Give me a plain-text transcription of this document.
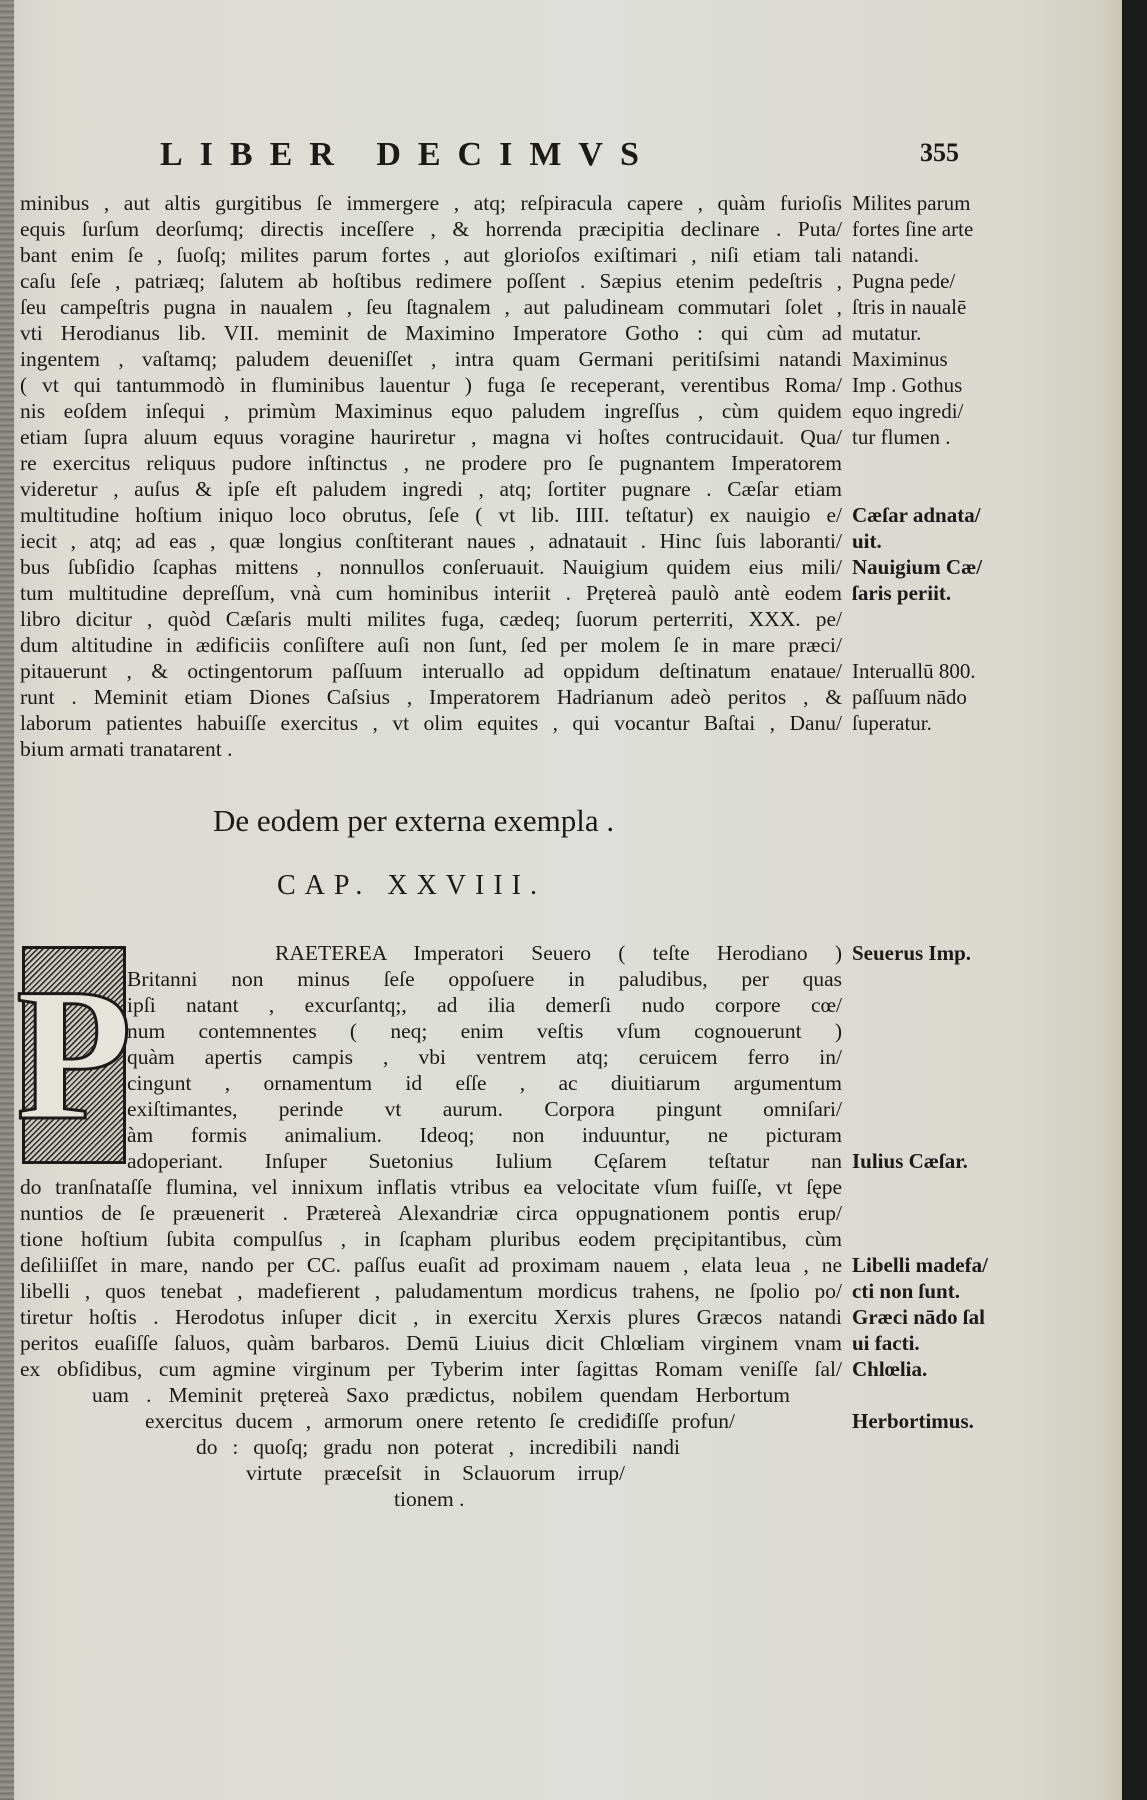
LIBER DECIMVS	355
minibus , aut altis gurgitibus ſe immergere , atq; reſpiracula capere , quàm furioſis
equis ſurſum deorſumq; directis inceſſere , & horrenda præcipitia declinare . Puta/
bant enim ſe , ſuoſq; milites parum fortes , aut glorioſos exiſtimari , niſi etiam tali
caſu ſeſe , patriæq; ſalutem ab hoſtibus redimere poſſent . Sæpius etenim pedeſtris ,
ſeu campeſtris pugna in naualem , ſeu ſtagnalem , aut paludineam commutari ſolet ,
vti Herodianus lib. VII. meminit de Maximino Imperatore Gotho : qui cùm ad
ingentem , vaſtamq; paludem deueniſſet , intra quam Germani peritiſsimi natandi
( vt qui tantummodò in fluminibus lauentur ) fuga ſe receperant, verentibus Roma/
nis eoſdem inſequi , primùm Maximinus equo paludem ingreſſus , cùm quidem
etiam ſupra aluum equus voragine hauriretur , magna vi hoſtes contrucidauit. Qua/
re exercitus reliquus pudore inſtinctus , ne prodere pro ſe pugnantem Imperatorem
videretur , auſus & ipſe eſt paludem ingredi , atq; ſortiter pugnare . Cæſar etiam
multitudine hoſtium iniquo loco obrutus, ſeſe ( vt lib. IIII. teſtatur) ex nauigio e/
iecit , atq; ad eas , quæ longius conſtiterant naues , adnatauit . Hinc ſuis laboranti/
bus ſubſidio ſcaphas mittens , nonnullos conſeruauit. Nauigium quidem eius mili/
tum multitudine depreſſum, vnà cum hominibus interiit . Prętereà paulò antè eodem
libro dicitur , quòd Cæſaris multi milites fuga, cædeq; ſuorum perterriti, XXX. pe/
dum altitudine in ædificiis conſiſtere auſi non ſunt, ſed per molem ſe in mare præci/
pitauerunt , & octingentorum paſſuum interuallo ad oppidum deſtinatum enataue/
runt . Meminit etiam Diones Caſsius , Imperatorem Hadrianum adeò peritos , &
laborum patientes habuiſſe exercitus , vt olim equites , qui vocantur Baſtai , Danu/
bium armati tranatarent .
Milites parum
fortes ſine arte
natandi.
Pugna pede/
ſtris in naualē
mutatur.
Maximinus
Imp . Gothus
equo ingredi/
tur flumen .
Cæſar adnata/
uit.
Nauigium Cæ/
ſaris periit.
Interuallū 800.
paſſuum nādo
ſuperatur.
De eodem per externa exempla .
CAP. XXVIII.
P	RAETEREA Imperatori Seuero ( teſte Herodiano )
Britanni non minus ſeſe oppoſuere in paludibus, per quas
ipſi natant , excurſantq;, ad ilia demerſi nudo corpore cœ/
num contemnentes ( neq; enim veſtis vſum cognouerunt )
quàm apertis campis , vbi ventrem atq; ceruicem ferro in/
cingunt , ornamentum id eſſe , ac diuitiarum argumentum
exiſtimantes, perinde vt aurum. Corpora pingunt omniſari/
àm formis animalium. Ideoq; non induuntur, ne picturam
adoperiant. Inſuper Suetonius Iulium Cęſarem teſtatur nan
do tranſnataſſe flumina, vel innixum inflatis vtribus ea velocitate vſum fuiſſe, vt ſępe
nuntios de ſe præuenerit . Prætereà Alexandriæ circa oppugnationem pontis erup/
tione hoſtium ſubita compulſus , in ſcapham pluribus eodem pręcipitantibus, cùm
deſiliiſſet in mare, nando per CC. paſſus euaſit ad proximam nauem , elata leua , ne
libelli , quos tenebat , madefierent , paludamentum mordicus trahens, ne ſpolio po/
tiretur hoſtis . Herodotus inſuper dicit , in exercitu Xerxis plures Græcos natandi
peritos euaſiſſe ſaluos, quàm barbaros. Demū Liuius dicit Chlœliam virginem vnam
ex obſidibus, cum agmine virginum per Tyberim inter ſagittas Romam veniſſe ſal/
uam . Meminit prętereà Saxo prædictus, nobilem quendam Herbortum
exercitus ducem , armorum onere retento ſe crediđiſſe profun/
do : quoſq; gradu non poterat , incredibili nandi
virtute præceſsit in Sclauorum irrup/
tionem .
Seuerus Imp.
Iulius Cæſar.
Libelli madefa/
cti non ſunt.
Græci nādo ſal
ui facti.
Chlœlia.
Herbortimus.
